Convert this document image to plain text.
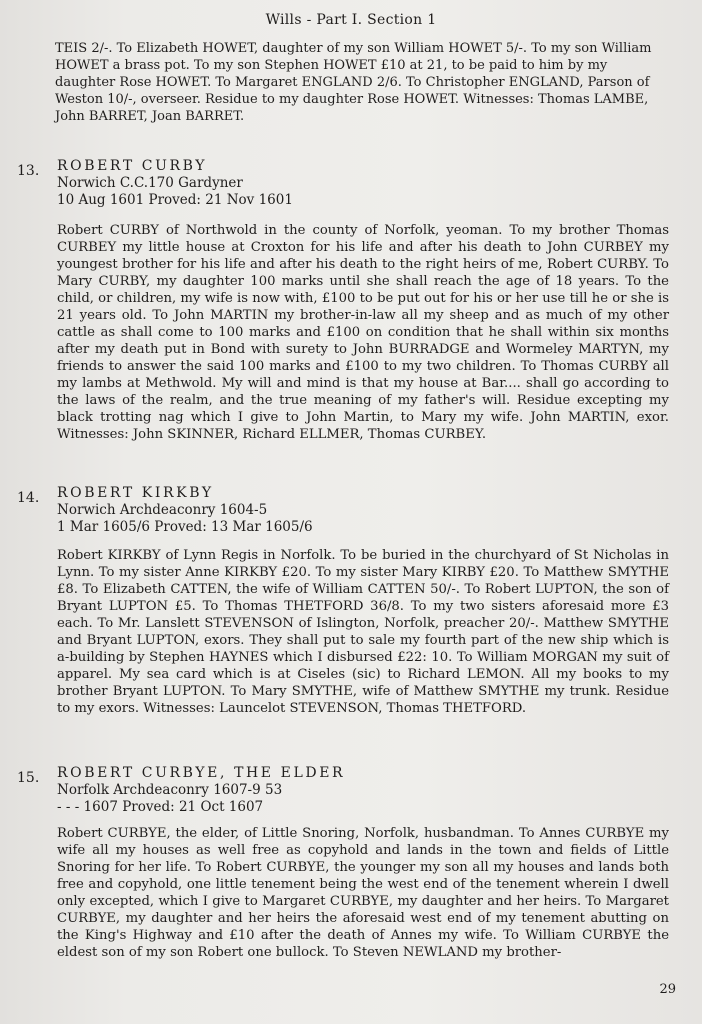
Wills - Part I. Section 1

TEIS 2/-. To Elizabeth HOWET, daughter of my son William HOWET 5/-. To my son William HOWET a brass pot. To my son Stephen HOWET £10 at 21, to be paid to him by my daughter Rose HOWET. To Margaret ENGLAND 2/6. To Christopher ENGLAND, Parson of Weston 10/-, overseer. Residue to my daughter Rose HOWET. Witnesses: Thomas LAMBE, John BARRET, Joan BARRET.

13. ROBERT CURBY
Norwich C.C.170 Gardyner
10 Aug 1601 Proved: 21 Nov 1601

Robert CURBY of Northwold in the county of Norfolk, yeoman. To my brother Thomas CURBEY my little house at Croxton for his life and after his death to John CURBEY my youngest brother for his life and after his death to the right heirs of me, Robert CURBY. To Mary CURBY, my daughter 100 marks until she shall reach the age of 18 years. To the child, or children, my wife is now with, £100 to be put out for his or her use till he or she is 21 years old. To John MARTIN my brother-in-law all my sheep and as much of my other cattle as shall come to 100 marks and £100 on condition that he shall within six months after my death put in Bond with surety to John BURRADGE and Wormeley MARTYN, my friends to answer the said 100 marks and £100 to my two children. To Thomas CURBY all my lambs at Methwold. My will and mind is that my house at Bar.... shall go according to the laws of the realm, and the true meaning of my father's will. Residue excepting my black trotting nag which I give to John Martin, to Mary my wife. John MARTIN, exor. Witnesses: John SKINNER, Richard ELLMER, Thomas CURBEY.

14. ROBERT KIRKBY
Norwich Archdeaconry 1604-5
1 Mar 1605/6 Proved: 13 Mar 1605/6

Robert KIRKBY of Lynn Regis in Norfolk. To be buried in the churchyard of St Nicholas in Lynn. To my sister Anne KIRKBY £20. To my sister Mary KIRBY £20. To Matthew SMYTHE £8. To Elizabeth CATTEN, the wife of William CATTEN 50/-. To Robert LUPTON, the son of Bryant LUPTON £5. To Thomas THETFORD 36/8. To my two sisters aforesaid more £3 each. To Mr. Lanslett STEVENSON of Islington, Norfolk, preacher 20/-. Matthew SMYTHE and Bryant LUPTON, exors. They shall put to sale my fourth part of the new ship which is a-building by Stephen HAYNES which I disbursed £22: 10. To William MORGAN my suit of apparel. My sea card which is at Ciseles (sic) to Richard LEMON. All my books to my brother Bryant LUPTON. To Mary SMYTHE, wife of Matthew SMYTHE my trunk. Residue to my exors. Witnesses: Launcelot STEVENSON, Thomas THETFORD.

15. ROBERT CURBYE, THE ELDER
Norfolk Archdeaconry 1607-9 53
- - - 1607 Proved: 21 Oct 1607

Robert CURBYE, the elder, of Little Snoring, Norfolk, husbandman. To Annes CURBYE my wife all my houses as well free as copyhold and lands in the town and fields of Little Snoring for her life. To Robert CURBYE, the younger my son all my houses and lands both free and copyhold, one little tenement being the west end of the tenement wherein I dwell only excepted, which I give to Margaret CURBYE, my daughter and her heirs. To Margaret CURBYE, my daughter and her heirs the aforesaid west end of my tenement abutting on the King's Highway and £10 after the death of Annes my wife. To William CURBYE the eldest son of my son Robert one bullock. To Steven NEWLAND my brother-

29
